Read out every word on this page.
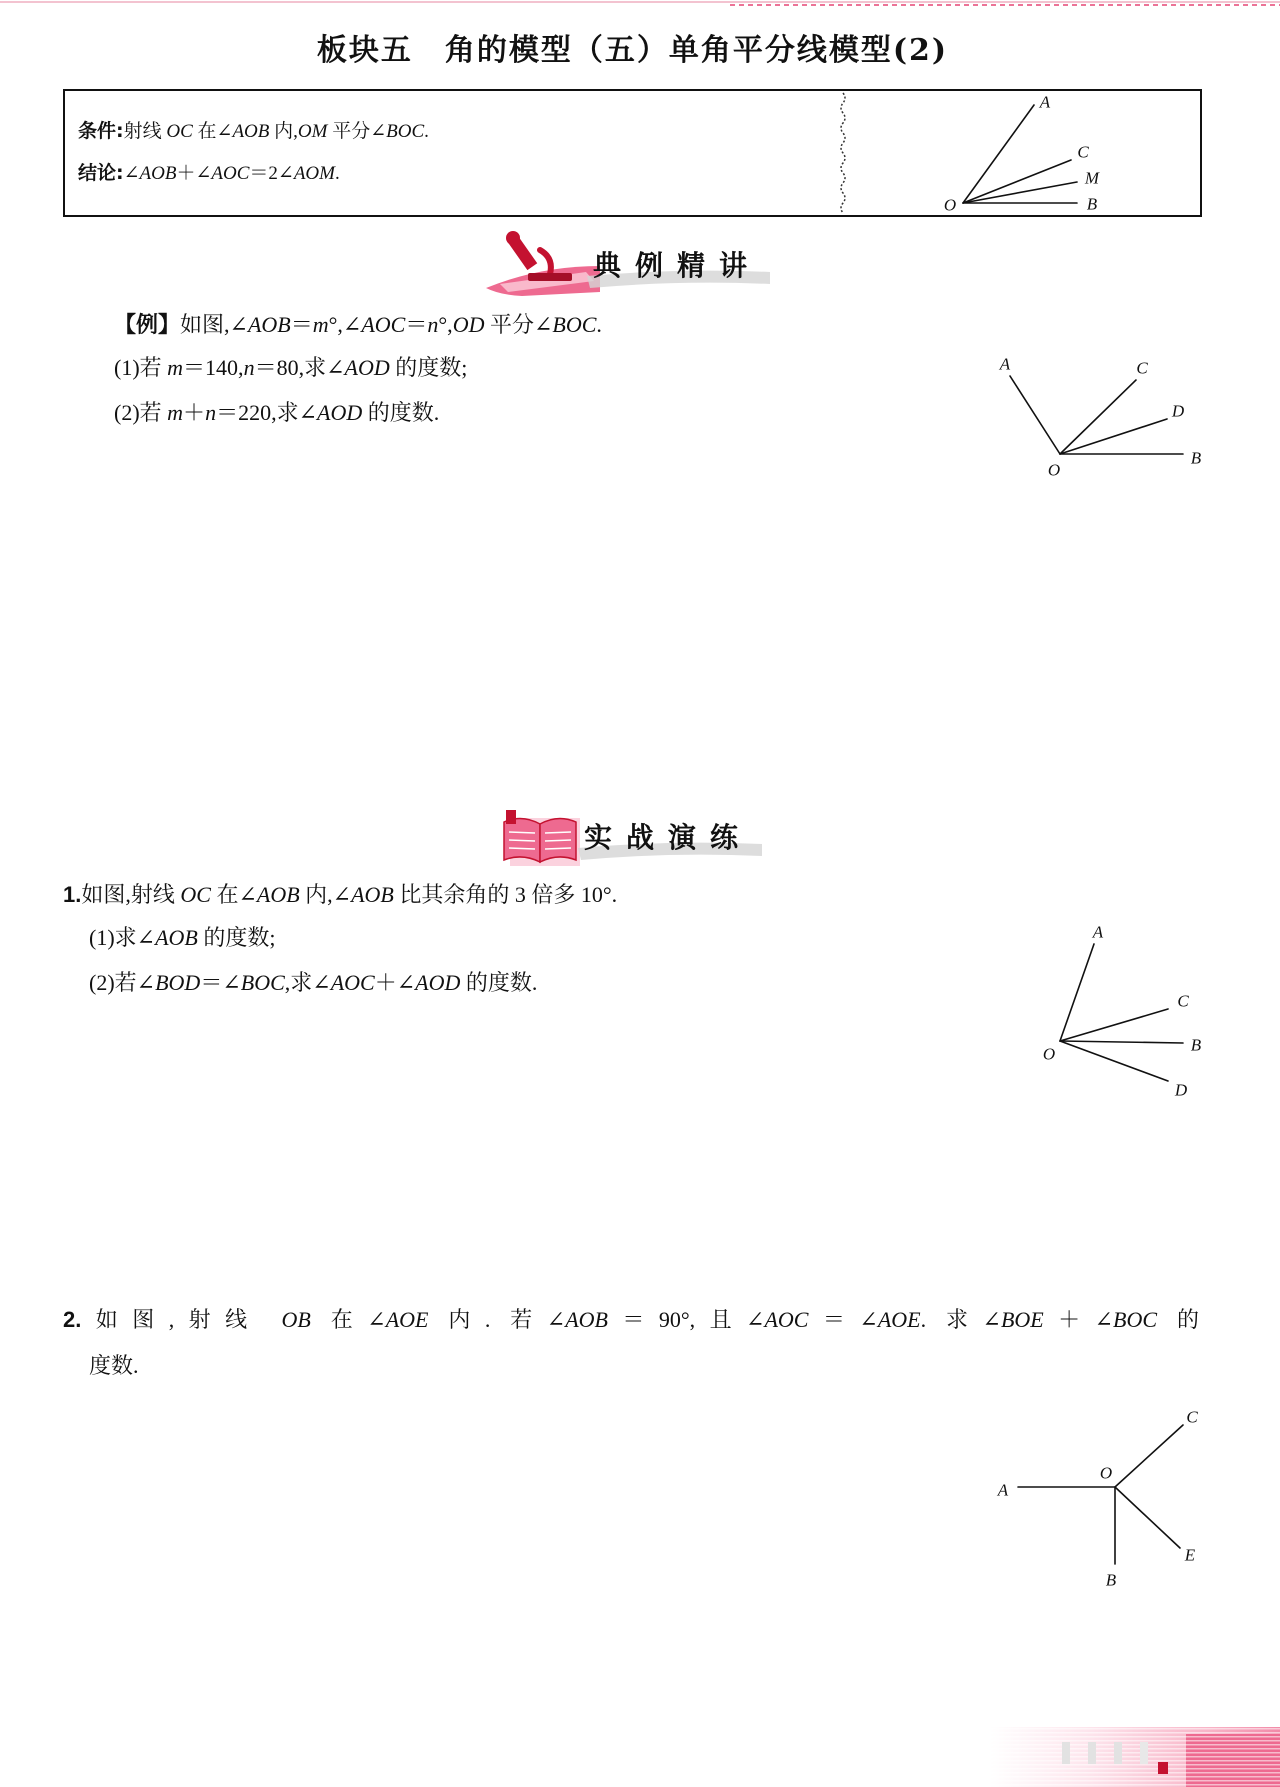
A
C
M
O	B
A	C
D
O
B
A
C
B
O
D
C
A
O
E
B
板块五　角的模型（五）单角平分线模型(2)
条件:射线 OC 在∠AOB 内,OM 平分∠BOC.
结论:∠AOB＋∠AOC＝2∠AOM.
典例精讲
【例】如图,∠AOB＝m°,∠AOC＝n°,OD 平分∠BOC.
(1)若 m＝140,n＝80,求∠AOD 的度数;
(2)若 m＋n＝220,求∠AOD 的度数.
实战演练
1.如图,射线 OC 在∠AOB 内,∠AOB 比其余角的 3 倍多 10°.
(1)求∠AOB 的度数;
(2)若∠BOD＝∠BOC,求∠AOC＋∠AOD 的度数.
2.如图,射线 OB 在∠AOE 内. 若∠AOB＝90°,且∠AOC＝∠AOE. 求∠BOE＋∠BOC 的
度数.
